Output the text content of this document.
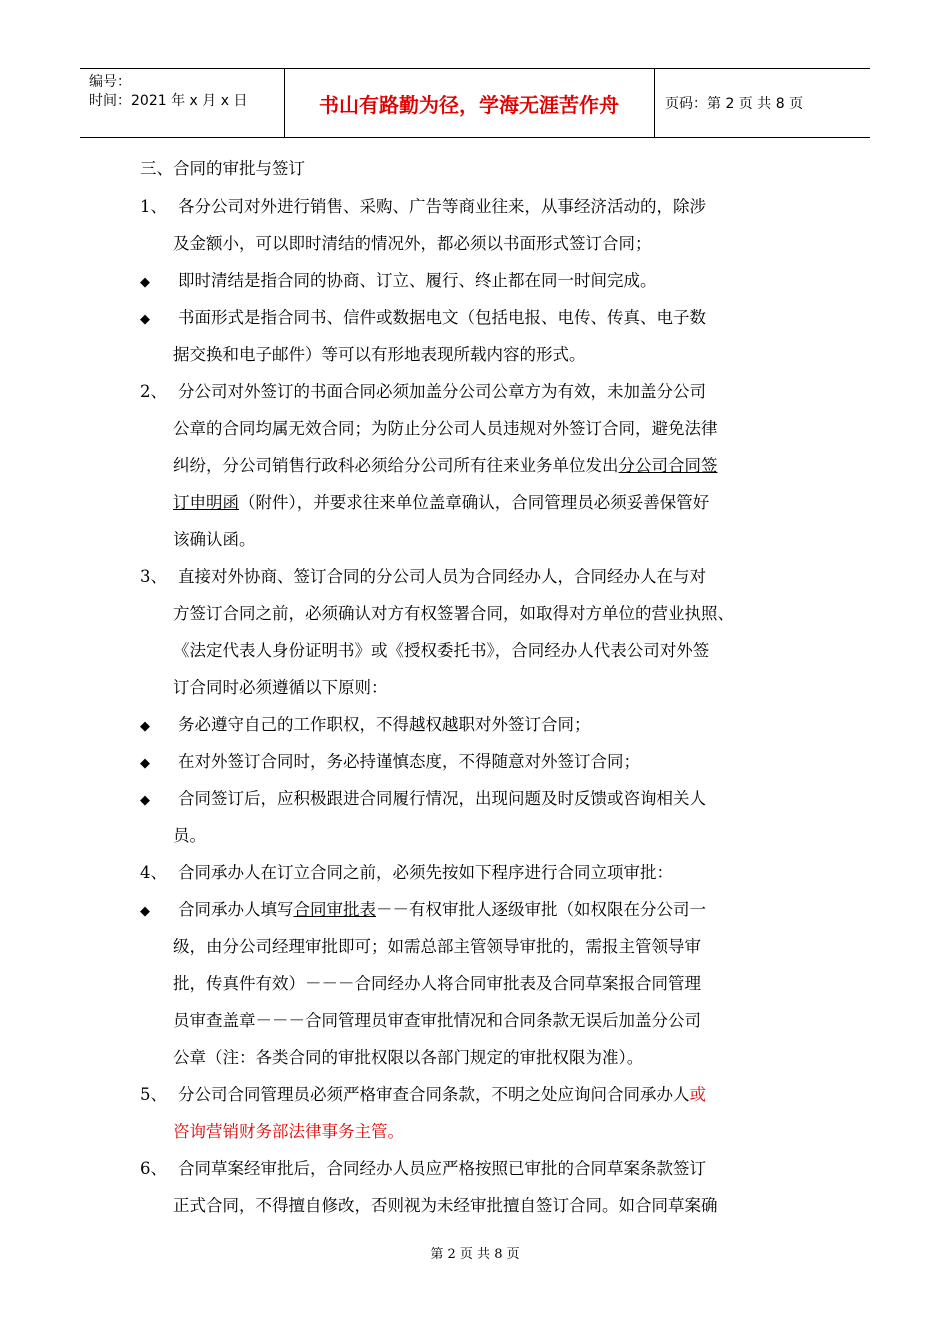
编号：
时间：2021 年 x 月 x 日	书山有路勤为径，学海无涯苦作舟	页码：第 2 页 共 8 页
三、合同的审批与签订
1、 各分公司对外进行销售、采购、广告等商业往来，从事经济活动的，除涉
及金额小，可以即时清结的情况外，都必须以书面形式签订合同；
◆ 即时清结是指合同的协商、订立、履行、终止都在同一时间完成。
◆ 书面形式是指合同书、信件或数据电文（包括电报、电传、传真、电子数
据交换和电子邮件）等可以有形地表现所载内容的形式。
2、 分公司对外签订的书面合同必须加盖分公司公章方为有效，未加盖分公司
公章的合同均属无效合同；为防止分公司人员违规对外签订合同，避免法律
纠纷，分公司销售行政科必须给分公司所有往来业务单位发出分公司合同签
订申明函（附件），并要求往来单位盖章确认，合同管理员必须妥善保管好
该确认函。
3、 直接对外协商、签订合同的分公司人员为合同经办人，合同经办人在与对
方签订合同之前，必须确认对方有权签署合同，如取得对方单位的营业执照、
《法定代表人身份证明书》或《授权委托书》，合同经办人代表公司对外签
订合同时必须遵循以下原则：
◆ 务必遵守自己的工作职权，不得越权越职对外签订合同；
◆ 在对外签订合同时，务必持谨慎态度，不得随意对外签订合同；
◆ 合同签订后，应积极跟进合同履行情况，出现问题及时反馈或咨询相关人
员。
4、 合同承办人在订立合同之前，必须先按如下程序进行合同立项审批：
◆ 合同承办人填写合同审批表－－有权审批人逐级审批（如权限在分公司一
级，由分公司经理审批即可；如需总部主管领导审批的，需报主管领导审
批，传真件有效）－－－合同经办人将合同审批表及合同草案报合同管理
员审查盖章－－－合同管理员审查审批情况和合同条款无误后加盖分公司
公章（注：各类合同的审批权限以各部门规定的审批权限为准）。
5、 分公司合同管理员必须严格审查合同条款，不明之处应询问合同承办人或
咨询营销财务部法律事务主管。
6、 合同草案经审批后，合同经办人员应严格按照已审批的合同草案条款签订
正式合同，不得擅自修改，否则视为未经审批擅自签订合同。如合同草案确
第 2 页 共 8 页
